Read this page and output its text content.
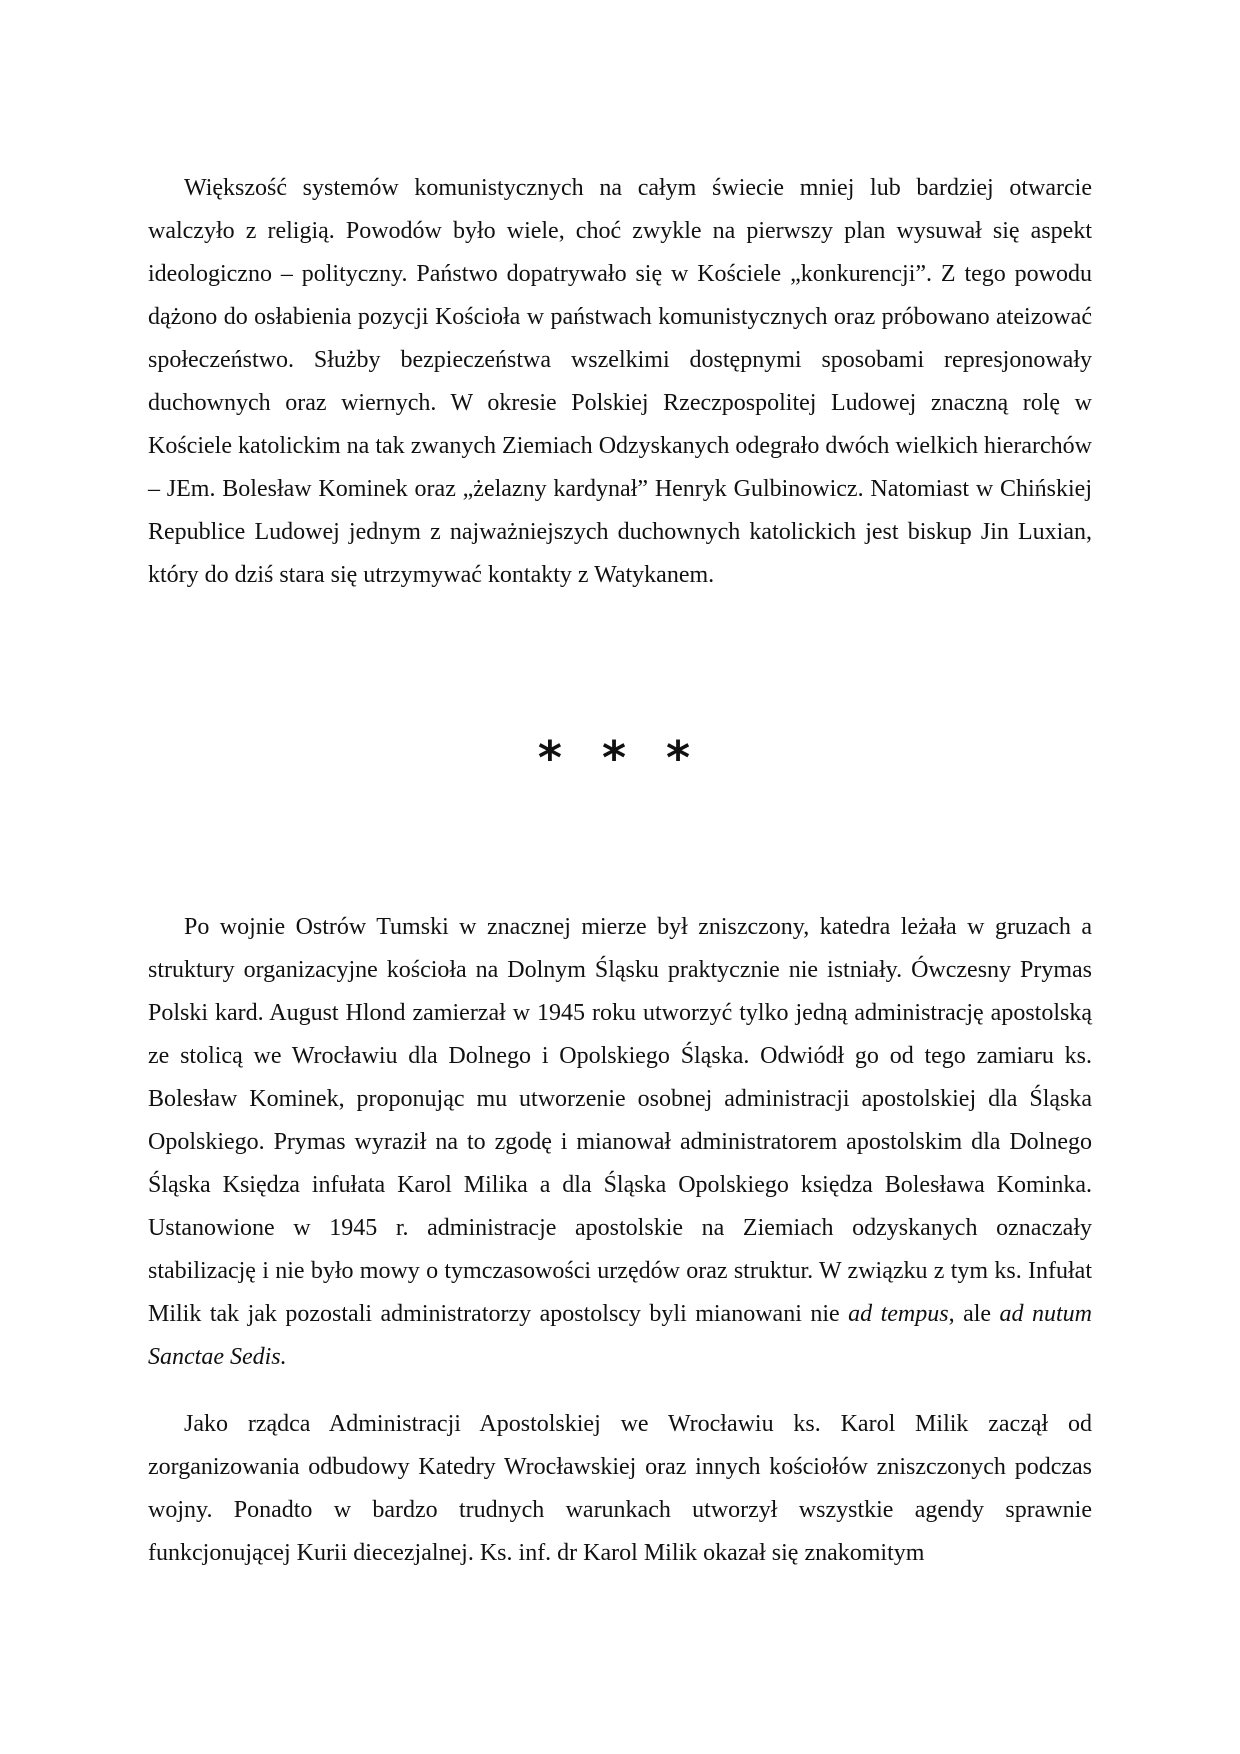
Większość systemów komunistycznych na całym świecie mniej lub bardziej otwarcie walczyło z religią. Powodów było wiele, choć zwykle na pierwszy plan wysuwał się aspekt ideologiczno – polityczny. Państwo dopatrywało się w Kościele „konkurencji”. Z tego powodu dążono do osłabienia pozycji Kościoła w państwach komunistycznych oraz próbowano ateizować społeczeństwo. Służby bezpieczeństwa wszelkimi dostępnymi sposobami represjonowały duchownych oraz wiernych. W okresie Polskiej Rzeczpospolitej Ludowej znaczną rolę w Kościele katolickim na tak zwanych Ziemiach Odzyskanych odegrało dwóch wielkich hierarchów – JEm. Bolesław Kominek oraz „żelazny kardynał” Henryk Gulbinowicz. Natomiast w Chińskiej Republice Ludowej jednym z najważniejszych duchownych katolickich jest biskup Jin Luxian, który do dziś stara się utrzymywać kontakty z Watykanem.

* * *

Po wojnie Ostrów Tumski w znacznej mierze był zniszczony, katedra leżała w gruzach a struktury organizacyjne kościoła na Dolnym Śląsku praktycznie nie istniały. Ówczesny Prymas Polski kard. August Hlond zamierzał w 1945 roku utworzyć tylko jedną administrację apostolską ze stolicą we Wrocławiu dla Dolnego i Opolskiego Śląska. Odwiódł go od tego zamiaru ks. Bolesław Kominek, proponując mu utworzenie osobnej administracji apostolskiej dla Śląska Opolskiego. Prymas wyraził na to zgodę i mianował administratorem apostolskim dla Dolnego Śląska Księdza infułata Karol Milika a dla Śląska Opolskiego księdza Bolesława Kominka. Ustanowione w 1945 r. administracje apostolskie na Ziemiach odzyskanych oznaczały stabilizację i nie było mowy o tymczasowości urzędów oraz struktur. W związku z tym ks. Infułat Milik tak jak pozostali administratorzy apostolscy byli mianowani nie ad tempus, ale ad nutum Sanctae Sedis.

Jako rządca Administracji Apostolskiej we Wrocławiu ks. Karol Milik zaczął od zorganizowania odbudowy Katedry Wrocławskiej oraz innych kościołów zniszczonych podczas wojny. Ponadto w bardzo trudnych warunkach utworzył wszystkie agendy sprawnie funkcjonującej Kurii diecezjalnej. Ks. inf. dr Karol Milik okazał się znakomitym
